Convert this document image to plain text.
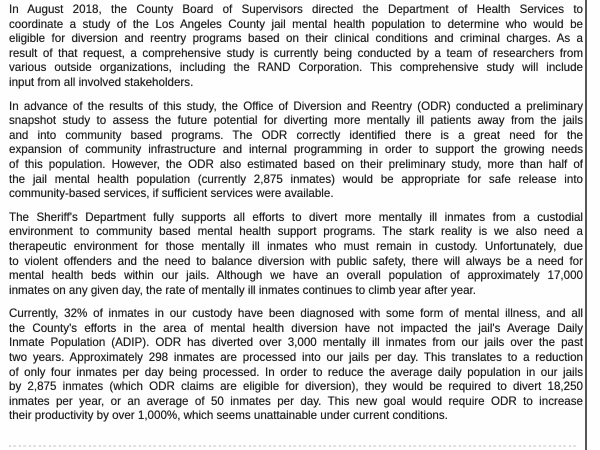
In August 2018, the County Board of Supervisors directed the Department of Health Services to
coordinate a study of the Los Angeles County jail mental health population to determine who would be
eligible for diversion and reentry programs based on their clinical conditions and criminal charges. As a
result of that request, a comprehensive study is currently being conducted by a team of researchers from
various outside organizations, including the RAND Corporation. This comprehensive study will include
input from all involved stakeholders.
In advance of the results of this study, the Office of Diversion and Reentry (ODR) conducted a preliminary
snapshot study to assess the future potential for diverting more mentally ill patients away from the jails
and into community based programs. The ODR correctly identified there is a great need for the
expansion of community infrastructure and internal programming in order to support the growing needs
of this population. However, the ODR also estimated based on their preliminary study, more than half of
the jail mental health population (currently 2,875 inmates) would be appropriate for safe release into
community-based services, if sufficient services were available.
The Sheriff's Department fully supports all efforts to divert more mentally ill inmates from a custodial
environment to community based mental health support programs. The stark reality is we also need a
therapeutic environment for those mentally ill inmates who must remain in custody. Unfortunately, due
to violent offenders and the need to balance diversion with public safety, there will always be a need for
mental health beds within our jails. Although we have an overall population of approximately 17,000
inmates on any given day, the rate of mentally ill inmates continues to climb year after year.
Currently, 32% of inmates in our custody have been diagnosed with some form of mental illness, and all
the County's efforts in the area of mental health diversion have not impacted the jail's Average Daily
Inmate Population (ADIP). ODR has diverted over 3,000 mentally ill inmates from our jails over the past
two years. Approximately 298 inmates are processed into our jails per day. This translates to a reduction
of only four inmates per day being processed. In order to reduce the average daily population in our jails
by 2,875 inmates (which ODR claims are eligible for diversion), they would be required to divert 18,250
inmates per year, or an average of 50 inmates per day. This new goal would require ODR to increase
their productivity by over 1,000%, which seems unattainable under current conditions.
